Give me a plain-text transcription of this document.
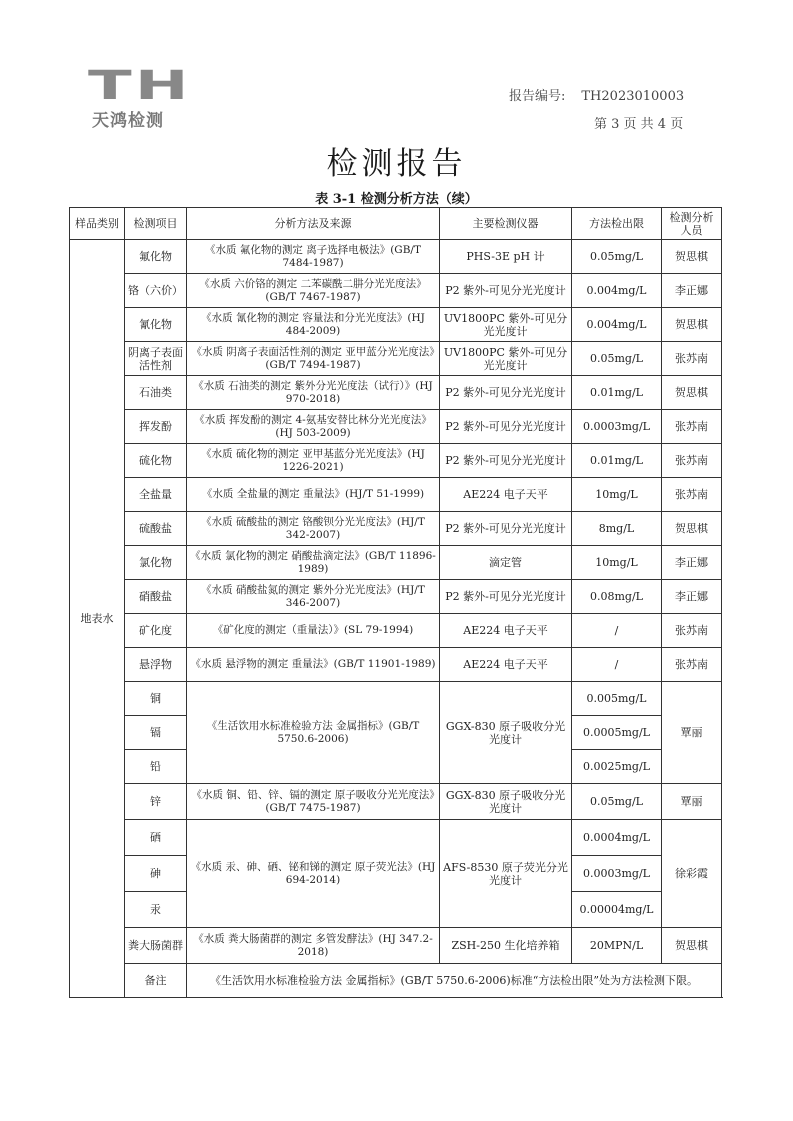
TH
天鸿检测
报告编号: TH2023010003
第 3 页 共 4 页
检测报告
表 3-1 检测分析方法（续）
样品类别	检测项目	分析方法及来源	主要检测仪器	方法检出限	检测分析人员
地表水	氟化物	《水质 氟化物的测定 离子选择电极法》(GB/T 7484-1987)	PHS-3E pH 计	0.05mg/L	贺思棋
	铬（六价）	《水质 六价铬的测定 二苯碳酰二肼分光光度法》(GB/T 7467-1987)	P2 紫外-可见分光光度计	0.004mg/L	李正娜
	氰化物	《水质 氰化物的测定 容量法和分光光度法》(HJ 484-2009)	UV1800PC 紫外-可见分光光度计	0.004mg/L	贺思棋
	阴离子表面活性剂	《水质 阴离子表面活性剂的测定 亚甲蓝分光光度法》(GB/T 7494-1987)	UV1800PC 紫外-可见分光光度计	0.05mg/L	张苏南
	石油类	《水质 石油类的测定 紫外分光光度法（试行）》(HJ 970-2018)	P2 紫外-可见分光光度计	0.01mg/L	贺思棋
	挥发酚	《水质 挥发酚的测定 4-氨基安替比林分光光度法》(HJ 503-2009)	P2 紫外-可见分光光度计	0.0003mg/L	张苏南
	硫化物	《水质 硫化物的测定 亚甲基蓝分光光度法》(HJ 1226-2021)	P2 紫外-可见分光光度计	0.01mg/L	张苏南
	全盐量	《水质 全盐量的测定 重量法》(HJ/T 51-1999)	AE224 电子天平	10mg/L	张苏南
	硫酸盐	《水质 硫酸盐的测定 铬酸钡分光光度法》(HJ/T 342-2007)	P2 紫外-可见分光光度计	8mg/L	贺思棋
	氯化物	《水质 氯化物的测定 硝酸盐滴定法》(GB/T 11896-1989)	滴定管	10mg/L	李正娜
	硝酸盐	《水质 硝酸盐氮的测定 紫外分光光度法》(HJ/T 346-2007)	P2 紫外-可见分光光度计	0.08mg/L	李正娜
	矿化度	《矿化度的测定（重量法）》(SL 79-1994)	AE224 电子天平	/	张苏南
	悬浮物	《水质 悬浮物的测定 重量法》(GB/T 11901-1989)	AE224 电子天平	/	张苏南
	铜	《生活饮用水标准检验方法 金属指标》(GB/T 5750.6-2006)	GGX-830 原子吸收分光光度计	0.005mg/L	覃丽
	镉			0.0005mg/L	
	铅			0.0025mg/L	
	锌	《水质 铜、铅、锌、镉的测定 原子吸收分光光度法》(GB/T 7475-1987)	GGX-830 原子吸收分光光度计	0.05mg/L	覃丽
	硒	《水质 汞、砷、硒、铋和锑的测定 原子荧光法》(HJ 694-2014)	AFS-8530 原子荧光分光光度计	0.0004mg/L	徐彩霞
	砷			0.0003mg/L	
	汞			0.00004mg/L	
	粪大肠菌群	《水质 粪大肠菌群的测定 多管发酵法》(HJ 347.2-2018)	ZSH-250 生化培养箱	20MPN/L	贺思棋
	备注	《生活饮用水标准检验方法 金属指标》(GB/T 5750.6-2006)标准“方法检出限”处为方法检测下限。			
